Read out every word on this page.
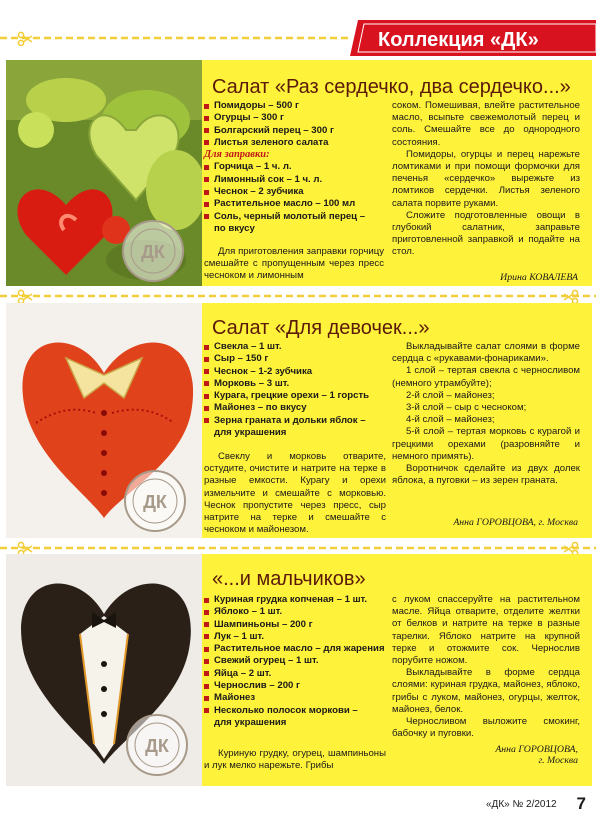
Коллекция «ДК»
Салат «Раз сердечко, два сердечко...»
Помидоры – 500 г
Огурцы – 300 г
Болгарский перец – 300 г
Листья зеленого салата
Для заправки:
Горчица – 1 ч. л.
Лимонный сок – 1 ч. л.
Чеснок – 2 зубчика
Растительное масло – 100 мл
Соль, черный молотый перец –
по вкусу

Для приготовления заправки горчицу смешайте с пропущенным через пресс чесноком и лимонным

соком. Помешивая, влейте растительное масло, всыпьте свежемолотый перец и соль. Смешайте все до однородного состояния.
Помидоры, огурцы и перец нарежьте ломтиками и при помощи формочки для печенья «сердечко» вырежьте из ломтиков сердечки. Листья зеленого салата порвите руками.
Сложите подготовленные овощи в глубокий салатник, заправьте приготовленной заправкой и подайте на стол.

Ирина КОВАЛЕВА
Салат «Для девочек...»
Свекла – 1 шт.
Сыр – 150 г
Чеснок – 1-2 зубчика
Морковь – 3 шт.
Курага, грецкие орехи – 1 горсть
Майонез – по вкусу
Зерна граната и дольки яблок –
для украшения

Свеклу и морковь отварите, остудите, очистите и натрите на терке в разные емкости. Курагу и орехи измельчите и смешайте с морковью. Чеснок пропустите через пресс, сыр натрите на терке и смешайте с чесноком и майонезом.

Выкладывайте салат слоями в форме сердца с «рукавами-фонариками».
1 слой – тертая свекла с черносливом (немного утрамбуйте);
2-й слой – майонез;
3-й слой – сыр с чесноком;
4-й слой – майонез;
5-й слой – тертая морковь с курагой и грецкими орехами (разровняйте и немного примять).
Воротничок сделайте из двух долек яблока, а пуговки – из зерен граната.

Анна ГОРОВЦОВА, г. Москва
«...и мальчиков»
Куриная грудка копченая – 1 шт.
Яблоко – 1 шт.
Шампиньоны – 200 г
Лук – 1 шт.
Растительное масло – для жарения
Свежий огурец – 1 шт.
Яйца – 2 шт.
Чернослив – 200 г
Майонез
Несколько полосок моркови –
для украшения

Куриную грудку, огурец, шампиньоны и лук мелко нарежьте. Грибы

с луком спассеруйте на растительном масле. Яйца отварите, отделите желтки от белков и натрите на терке в разные тарелки. Яблоко натрите на крупной терке и отожмите сок. Чернослив порубите ножом.
Выкладывайте в форме сердца слоями: куриная грудка, майонез, яблоко, грибы с луком, майонез, огурцы, желток, майонез, белок.
Черносливом выложите смокинг, бабочку и пуговки.

Анна ГОРОВЦОВА,
г. Москва
ДК
ДК
ДК
«ДК» № 2/2012 7
